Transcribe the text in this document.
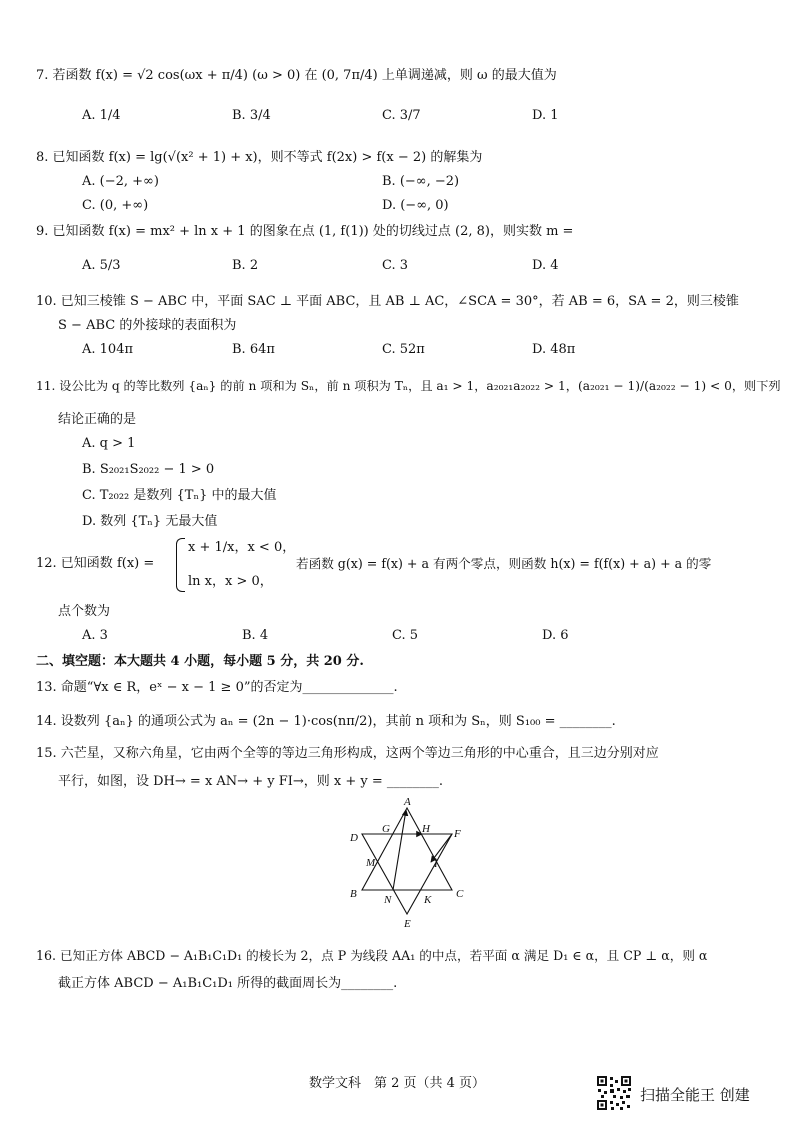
7. 若函数 f(x) = √2 cos(ωx + π/4) (ω > 0) 在 (0, 7π/4) 上单调递减，则 ω 的最大值为
A. 1/4	B. 3/4	C. 3/7	D. 1
8. 已知函数 f(x) = lg(√(x² + 1) + x)，则不等式 f(2x) > f(x − 2) 的解集为
A. (−2, +∞)	B. (−∞, −2)
C. (0, +∞)	D. (−∞, 0)
9. 已知函数 f(x) = mx² + ln x + 1 的图象在点 (1, f(1)) 处的切线过点 (2, 8)，则实数 m =
A. 5/3	B. 2	C. 3	D. 4
10. 已知三棱锥 S − ABC 中，平面 SAC ⊥ 平面 ABC，且 AB ⊥ AC，∠SCA = 30°，若 AB = 6，SA = 2，则三棱锥
S − ABC 的外接球的表面积为
A. 104π	B. 64π	C. 52π	D. 48π
11. 设公比为 q 的等比数列 {aₙ} 的前 n 项和为 Sₙ，前 n 项积为 Tₙ，且 a₁ > 1，a₂₀₂₁a₂₀₂₂ > 1，(a₂₀₂₁ − 1)/(a₂₀₂₂ − 1) < 0，则下列
结论正确的是
A. q > 1
B. S₂₀₂₁S₂₀₂₂ − 1 > 0
C. T₂₀₂₂ 是数列 {Tₙ} 中的最大值
D. 数列 {Tₙ} 无最大值
12. 已知函数 f(x) =
x + 1/x，x < 0，
ln x，x > 0，
若函数 g(x) = f(x) + a 有两个零点，则函数 h(x) = f(f(x) + a) + a 的零
点个数为
A. 3	B. 4	C. 5	D. 6
二、填空题：本大题共 4 小题，每小题 5 分，共 20 分.
13. 命题“∀x ∈ R，eˣ − x − 1 ≥ 0”的否定为______________.
14. 设数列 {aₙ} 的通项公式为 aₙ = (2n − 1)·cos(nπ/2)，其前 n 项和为 Sₙ，则 S₁₀₀ = ________.
15. 六芒星，又称六角星，它由两个全等的等边三角形构成，这两个等边三角形的中心重合，且三边分别对应
平行，如图，设 DH→ = x AN→ + y FI→，则 x + y = ________.
A
B	C
D
E
F
G	H
I
K
M
N
16. 已知正方体 ABCD − A₁B₁C₁D₁ 的棱长为 2，点 P 为线段 AA₁ 的中点，若平面 α 满足 D₁ ∈ α，且 CP ⊥ α，则 α
截正方体 ABCD − A₁B₁C₁D₁ 所得的截面周长为________.
数学文科　第 2 页（共 4 页）
扫描全能王 创建
